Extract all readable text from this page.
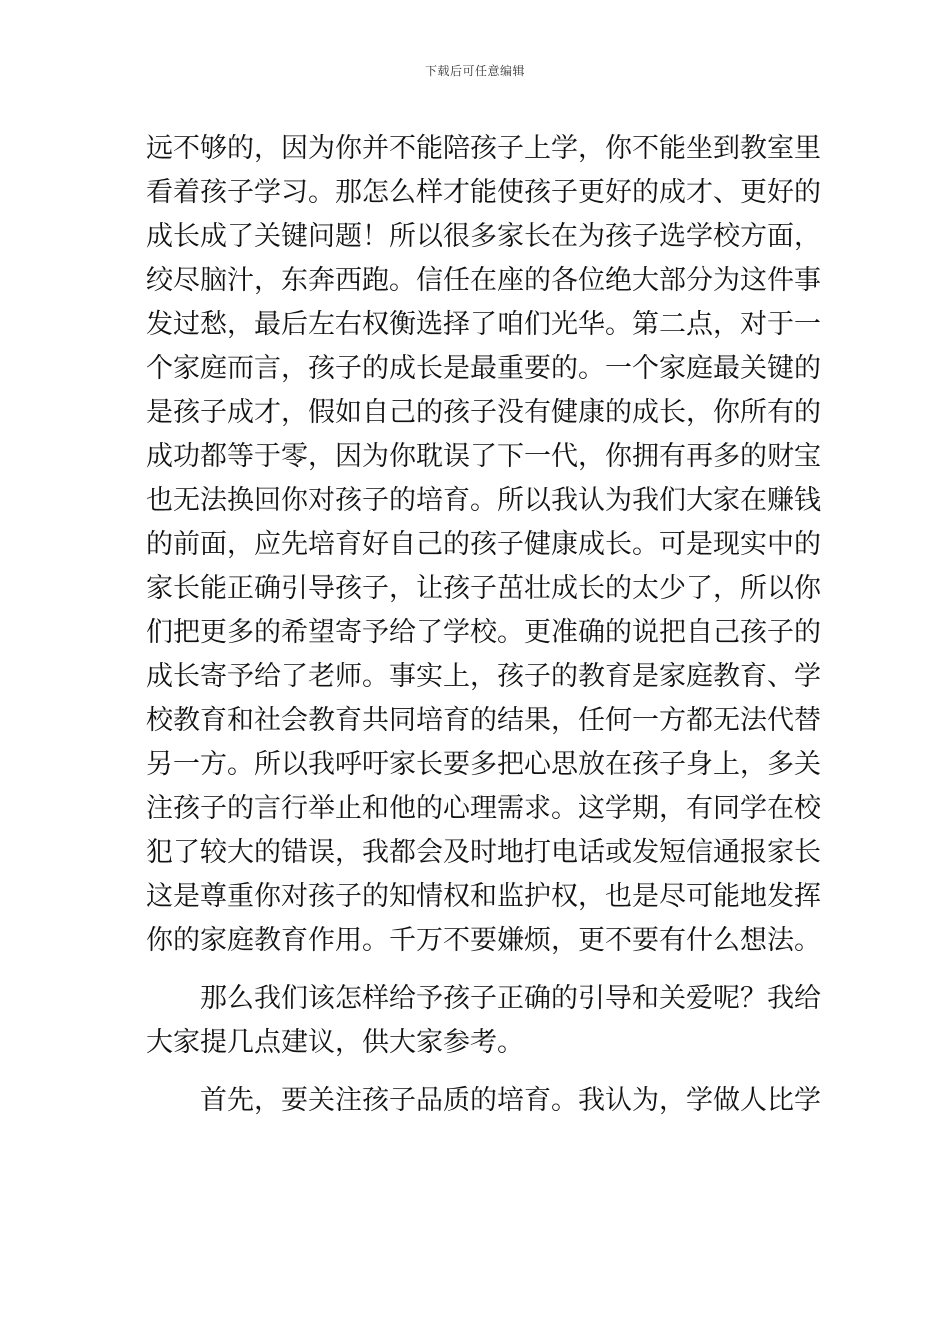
下载后可任意编辑
远不够的，因为你并不能陪孩子上学，你不能坐到教室里
看着孩子学习。那怎么样才能使孩子更好的成才、更好的
成长成了关键问题！所以很多家长在为孩子选学校方面，
绞尽脑汁，东奔西跑。信任在座的各位绝大部分为这件事
发过愁，最后左右权衡选择了咱们光华。第二点，对于一
个家庭而言，孩子的成长是最重要的。一个家庭最关键的
是孩子成才，假如自己的孩子没有健康的成长，你所有的
成功都等于零，因为你耽误了下一代，你拥有再多的财宝
也无法换回你对孩子的培育。所以我认为我们大家在赚钱
的前面，应先培育好自己的孩子健康成长。可是现实中的
家长能正确引导孩子，让孩子茁壮成长的太少了，所以你
们把更多的希望寄予给了学校。更准确的说把自己孩子的
成长寄予给了老师。事实上，孩子的教育是家庭教育、学
校教育和社会教育共同培育的结果，任何一方都无法代替
另一方。所以我呼吁家长要多把心思放在孩子身上，多关
注孩子的言行举止和他的心理需求。这学期，有同学在校
犯了较大的错误，我都会及时地打电话或发短信通报家长
这是尊重你对孩子的知情权和监护权，也是尽可能地发挥
你的家庭教育作用。千万不要嫌烦，更不要有什么想法。
那么我们该怎样给予孩子正确的引导和关爱呢？我给
大家提几点建议，供大家参考。
首先，要关注孩子品质的培育。我认为，学做人比学
